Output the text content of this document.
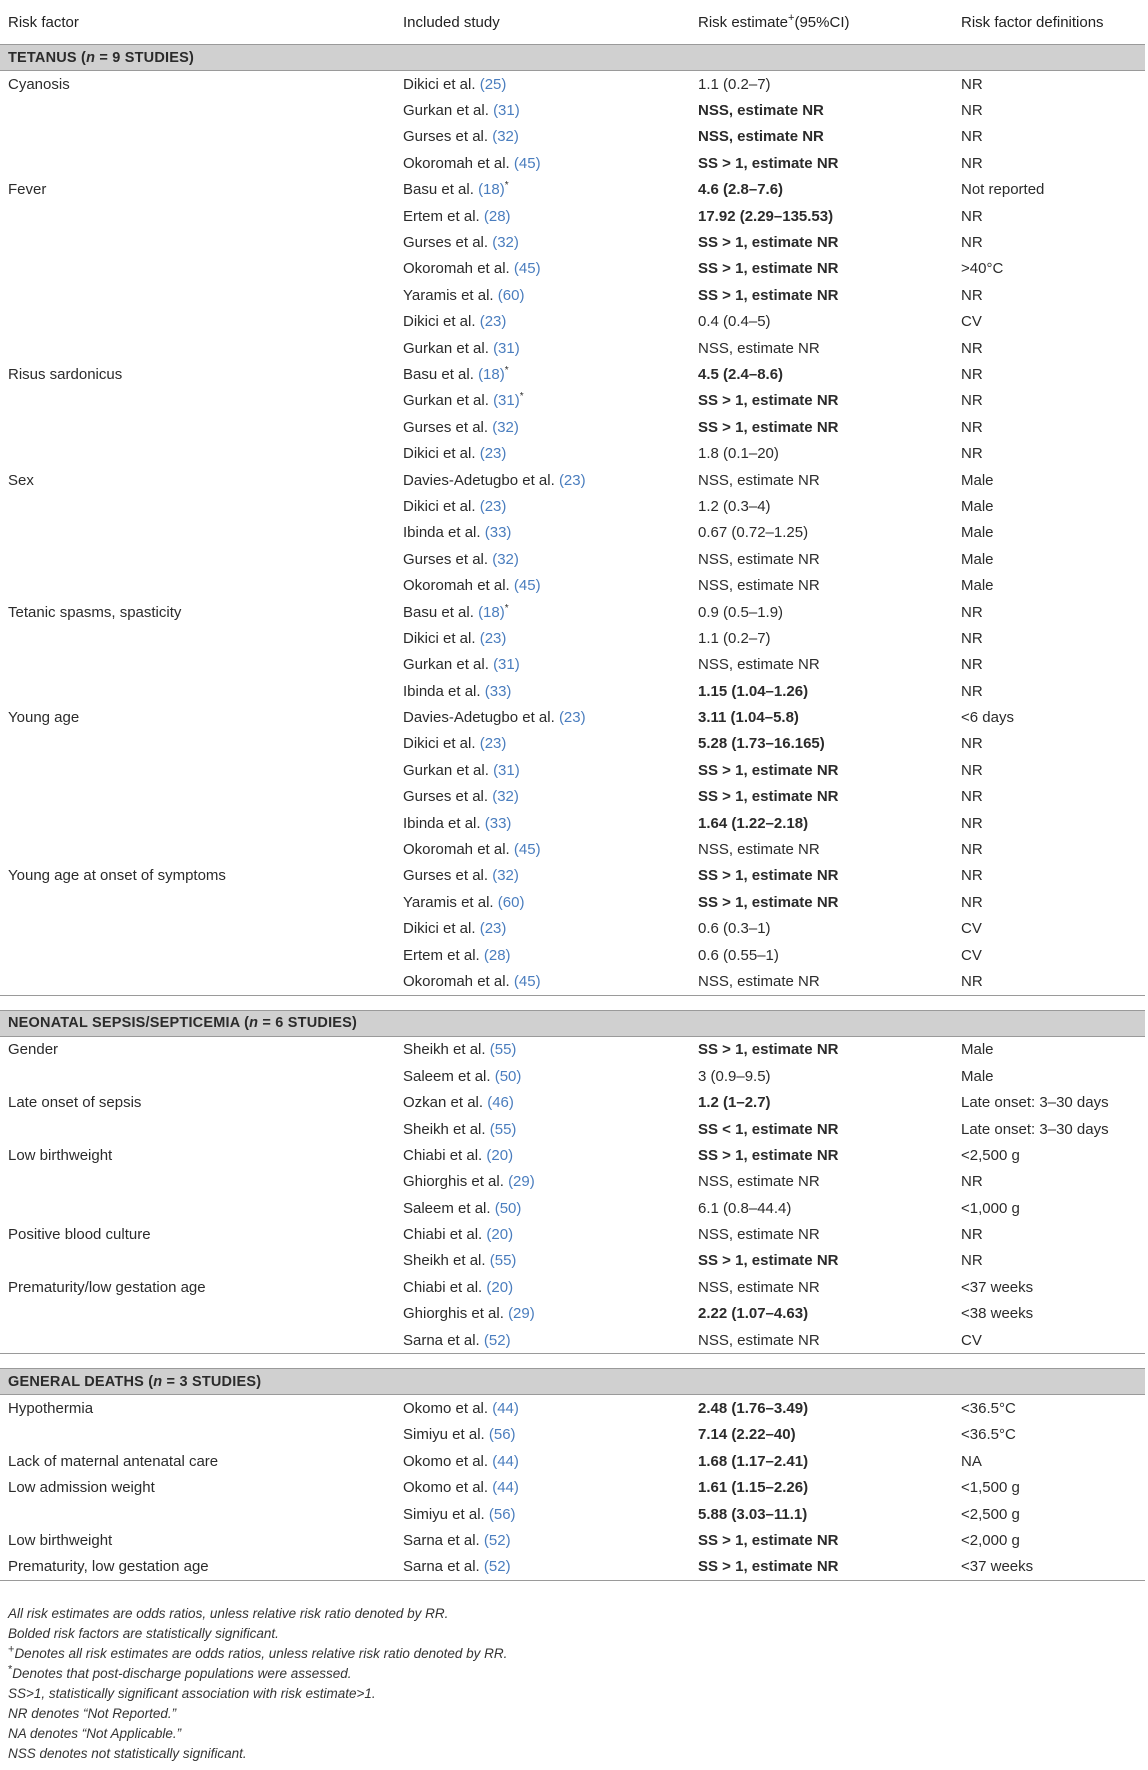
Risk factor	Included study	Risk estimate+(95%CI)	Risk factor definitions
TETANUS (n = 9 STUDIES)			
Cyanosis	Dikici et al. (25)	1.1 (0.2–7)	NR
	Gurkan et al. (31)	NSS, estimate NR	NR
	Gurses et al. (32)	NSS, estimate NR	NR
	Okoromah et al. (45)	SS > 1, estimate NR	NR
Fever	Basu et al. (18)*	4.6 (2.8–7.6)	Not reported
	Ertem et al. (28)	17.92 (2.29–135.53)	NR
	Gurses et al. (32)	SS > 1, estimate NR	NR
	Okoromah et al. (45)	SS > 1, estimate NR	>40°C
	Yaramis et al. (60)	SS > 1, estimate NR	NR
	Dikici et al. (23)	0.4 (0.4–5)	CV
	Gurkan et al. (31)	NSS, estimate NR	NR
Risus sardonicus	Basu et al. (18)*	4.5 (2.4–8.6)	NR
	Gurkan et al. (31)*	SS > 1, estimate NR	NR
	Gurses et al. (32)	SS > 1, estimate NR	NR
	Dikici et al. (23)	1.8 (0.1–20)	NR
Sex	Davies-Adetugbo et al. (23)	NSS, estimate NR	Male
	Dikici et al. (23)	1.2 (0.3–4)	Male
	Ibinda et al. (33)	0.67 (0.72–1.25)	Male
	Gurses et al. (32)	NSS, estimate NR	Male
	Okoromah et al. (45)	NSS, estimate NR	Male
Tetanic spasms, spasticity	Basu et al. (18)*	0.9 (0.5–1.9)	NR
	Dikici et al. (23)	1.1 (0.2–7)	NR
	Gurkan et al. (31)	NSS, estimate NR	NR
	Ibinda et al. (33)	1.15 (1.04–1.26)	NR
Young age	Davies-Adetugbo et al. (23)	3.11 (1.04–5.8)	<6 days
	Dikici et al. (23)	5.28 (1.73–16.165)	NR
	Gurkan et al. (31)	SS > 1, estimate NR	NR
	Gurses et al. (32)	SS > 1, estimate NR	NR
	Ibinda et al. (33)	1.64 (1.22–2.18)	NR
	Okoromah et al. (45)	NSS, estimate NR	NR
Young age at onset of symptoms	Gurses et al. (32)	SS > 1, estimate NR	NR
	Yaramis et al. (60)	SS > 1, estimate NR	NR
	Dikici et al. (23)	0.6 (0.3–1)	CV
	Ertem et al. (28)	0.6 (0.55–1)	CV
	Okoromah et al. (45)	NSS, estimate NR	NR

NEONATAL SEPSIS/SEPTICEMIA (n = 6 STUDIES)			
Gender	Sheikh et al. (55)	SS > 1, estimate NR	Male
	Saleem et al. (50)	3 (0.9–9.5)	Male
Late onset of sepsis	Ozkan et al. (46)	1.2 (1–2.7)	Late onset: 3–30 days
	Sheikh et al. (55)	SS < 1, estimate NR	Late onset: 3–30 days
Low birthweight	Chiabi et al. (20)	SS > 1, estimate NR	<2,500 g
	Ghiorghis et al. (29)	NSS, estimate NR	NR
	Saleem et al. (50)	6.1 (0.8–44.4)	<1,000 g
Positive blood culture	Chiabi et al. (20)	NSS, estimate NR	NR
	Sheikh et al. (55)	SS > 1, estimate NR	NR
Prematurity/low gestation age	Chiabi et al. (20)	NSS, estimate NR	<37 weeks
	Ghiorghis et al. (29)	2.22 (1.07–4.63)	<38 weeks
	Sarna et al. (52)	NSS, estimate NR	CV

GENERAL DEATHS (n = 3 STUDIES)			
Hypothermia	Okomo et al. (44)	2.48 (1.76–3.49)	<36.5°C
	Simiyu et al. (56)	7.14 (2.22–40)	<36.5°C
Lack of maternal antenatal care	Okomo et al. (44)	1.68 (1.17–2.41)	NA
Low admission weight	Okomo et al. (44)	1.61 (1.15–2.26)	<1,500 g
	Simiyu et al. (56)	5.88 (3.03–11.1)	<2,500 g
Low birthweight	Sarna et al. (52)	SS > 1, estimate NR	<2,000 g
Prematurity, low gestation age	Sarna et al. (52)	SS > 1, estimate NR	<37 weeks
All risk estimates are odds ratios, unless relative risk ratio denoted by RR.
Bolded risk factors are statistically significant.
+Denotes all risk estimates are odds ratios, unless relative risk ratio denoted by RR.
*Denotes that post-discharge populations were assessed.
SS>1, statistically significant association with risk estimate>1.
NR denotes “Not Reported.”
NA denotes “Not Applicable.”
NSS denotes not statistically significant.
